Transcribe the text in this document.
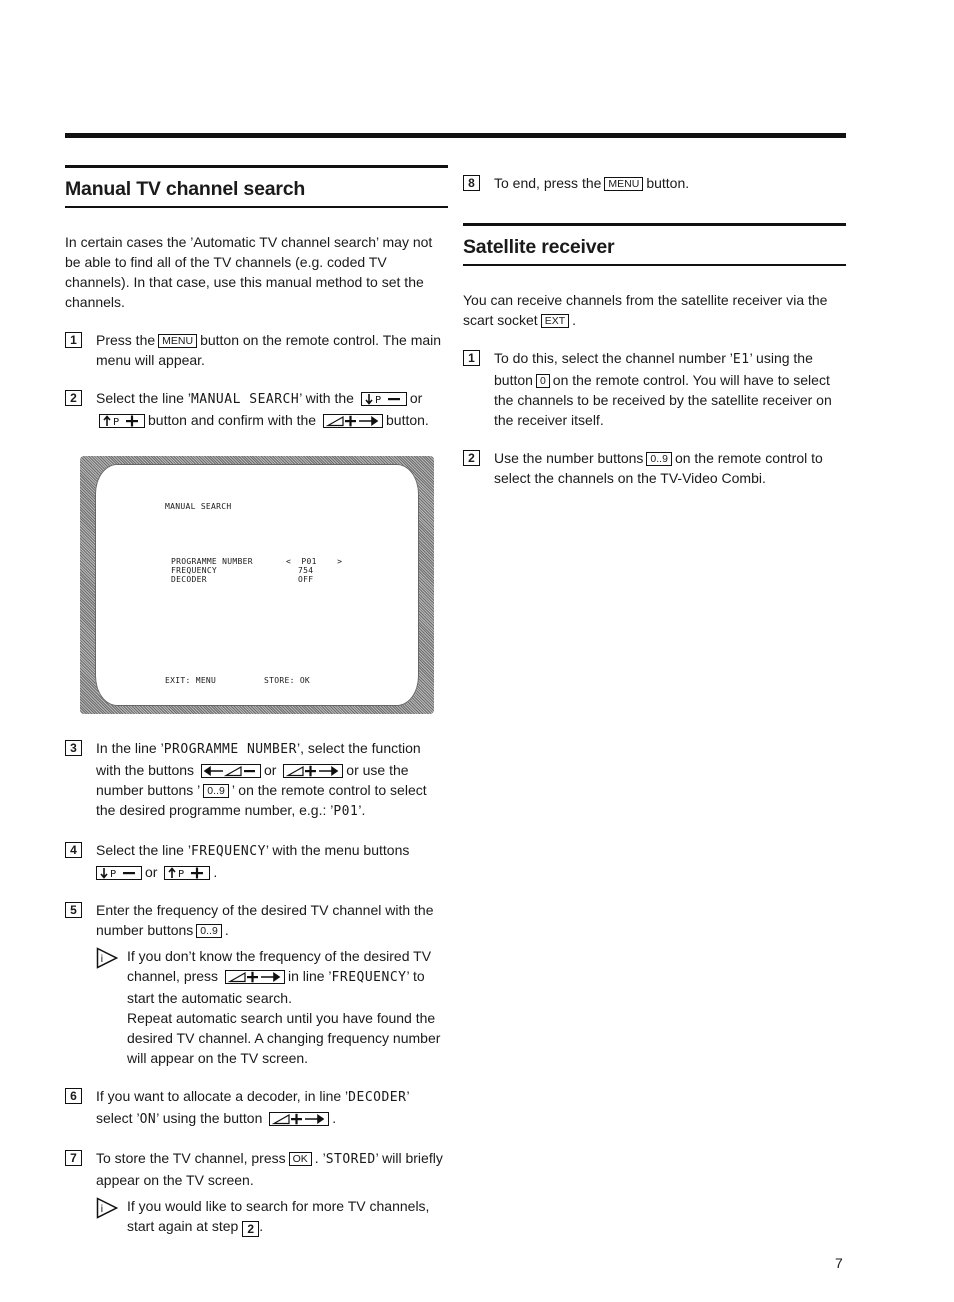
Manual TV channel search

In certain cases the ’Automatic TV channel search’ may not be able to find all of the TV channels (e.g. coded TV channels). In that case, use this manual method to set the channels.

1	Press the MENU button on the remote control. The main menu will appear.
2	Select the line ’MANUAL SEARCH’ with the	or button and confirm with the	button.
MANUAL SEARCH
PROGRAMME NUMBER	<  P01    >
FREQUENCY	754
DECODER	OFF
EXIT: MENU	STORE: OK
3	In the line ’PROGRAMME NUMBER’, select the function with the buttons	or	or use the number buttons ’ 0..9 ’ on the remote control to select the desired programme number, e.g.: ’P01’.
4	Select the line ’FREQUENCY’ with the menu buttons
or	.
5	Enter the frequency of the desired TV channel with the number buttons 0..9 .
If you don’t know the frequency of the desired TV channel, press	in line ’FREQUENCY’ to start the automatic search.
Repeat automatic search until you have found the desired TV channel. A changing frequency number will appear on the TV screen.
6	If you want to allocate a decoder, in line ’DECODER’ select ’ON’ using the button	.
7	To store the TV channel, press OK . ’STORED’ will briefly appear on the TV screen.
If you would like to search for more TV channels, start again at step 2 .
8	To end, press the MENU button.
Satellite receiver

You can receive channels from the satellite receiver via the scart socket EXT .

1	To do this, select the channel number ’E1’ using the button 0 on the remote control. You will have to select the channels to be received by the satellite receiver on the receiver itself.
2	Use the number buttons 0..9 on the remote control to select the channels on the TV-Video Combi.
7
